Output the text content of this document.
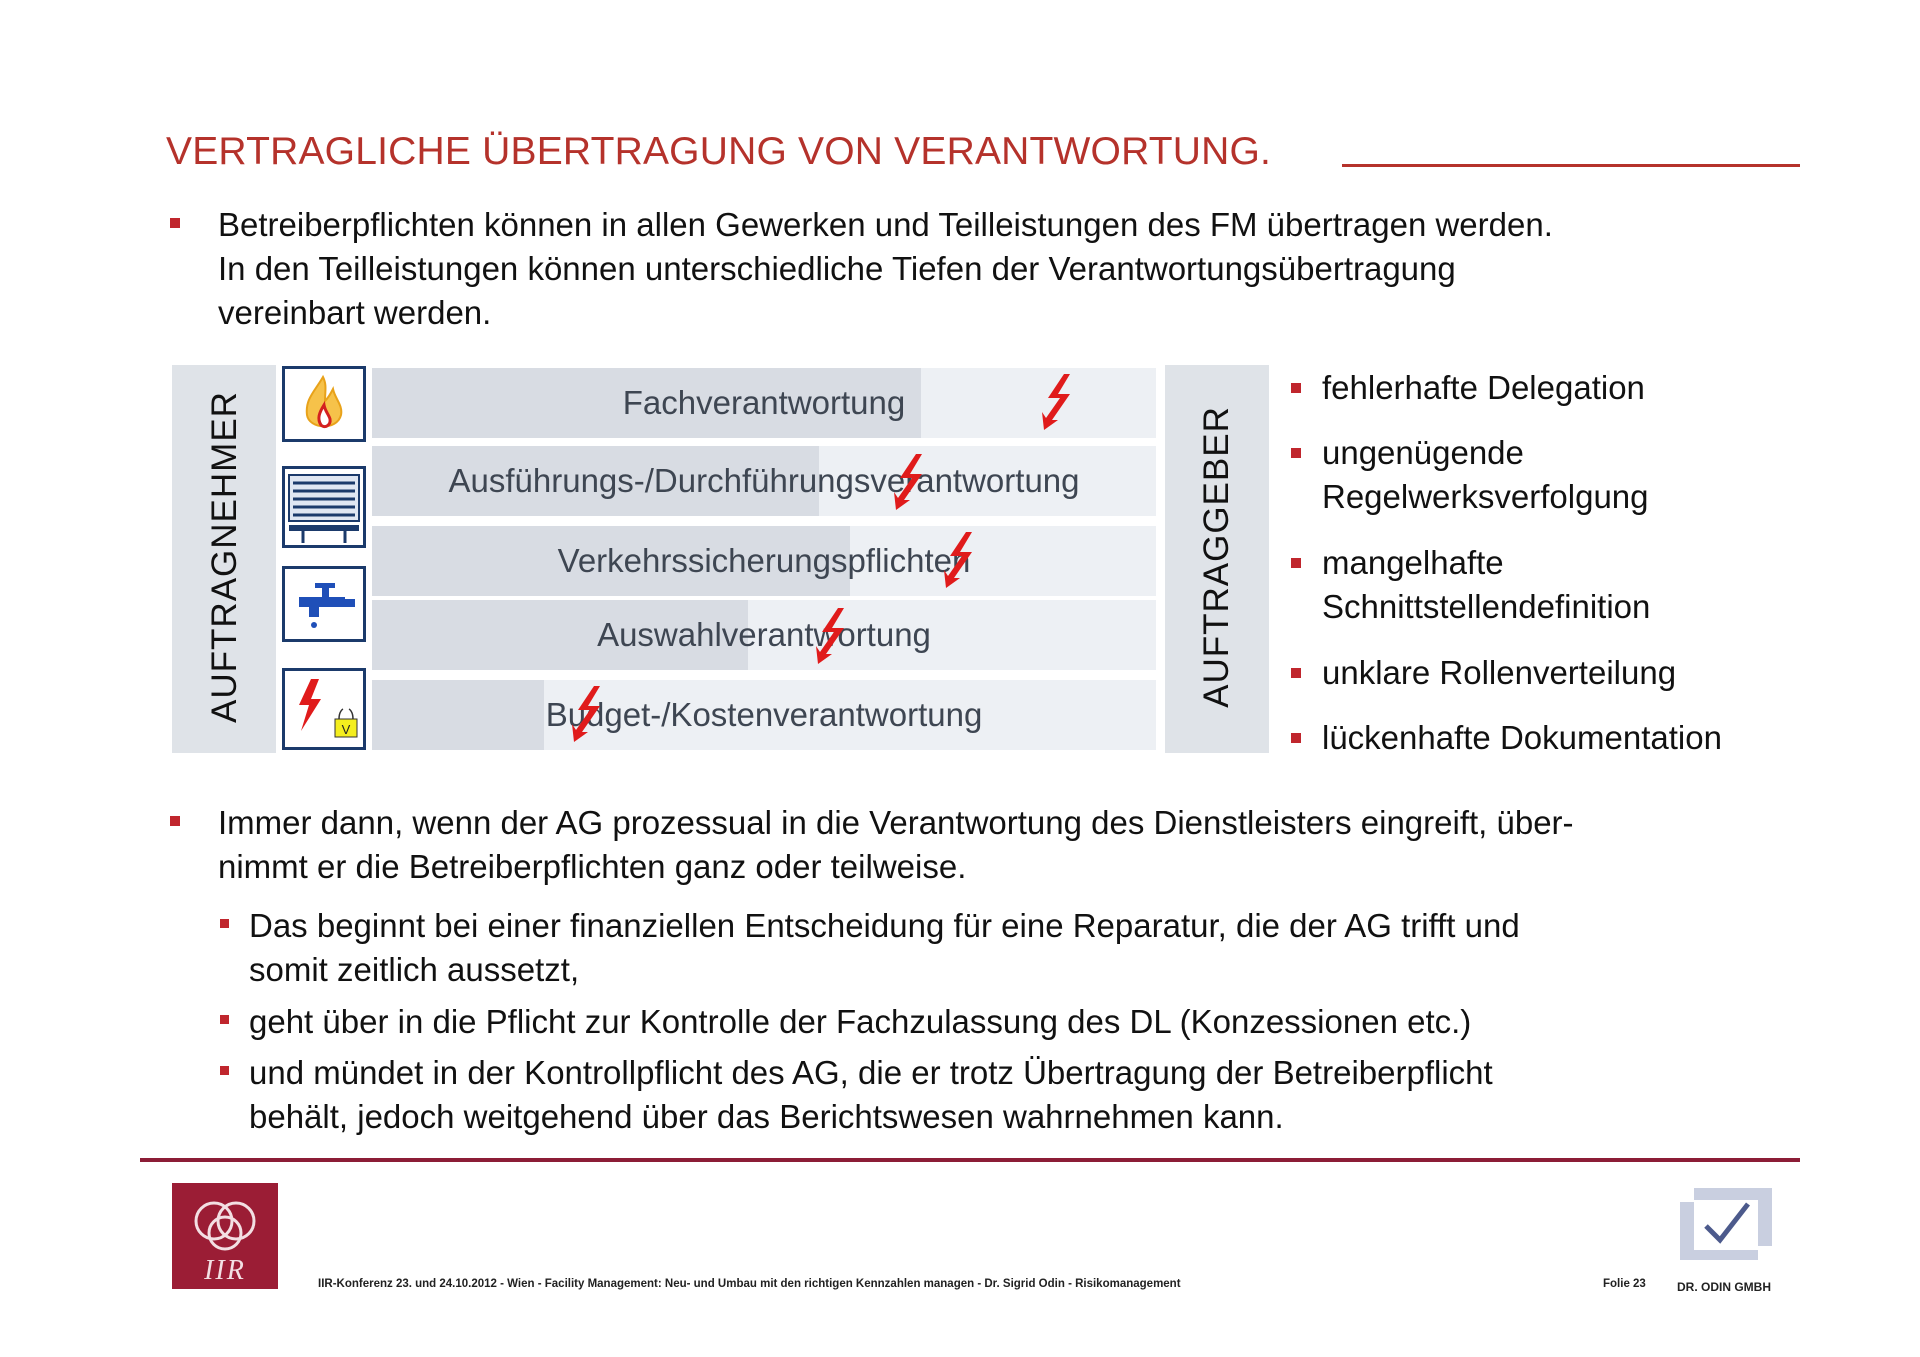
VERTRAGLICHE ÜBERTRAGUNG VON VERANTWORTUNG.
Betreiberpflichten können in allen Gewerken und Teilleistungen des FM übertragen werden.
In den Teilleistungen können unterschiedliche Tiefen der Verantwortungsübertragung
vereinbart werden.
AUFTRAGNEHMER	AUFTRAGGEBER
Fachverantwortung
Ausführungs-/Durchführungsverantwortung
Verkehrssicherungspflichten
Auswahlverantwortung
Budget-/Kostenverantwortung
V
fehlerhafte Delegation
ungenügende
Regelwerksverfolgung
mangelhafte
Schnittstellendefinition
unklare Rollenverteilung
lückenhafte Dokumentation
Immer dann, wenn der AG prozessual in die Verantwortung des Dienstleisters eingreift, über-
nimmt er die Betreiberpflichten ganz oder teilweise.
Das beginnt bei einer finanziellen Entscheidung für eine Reparatur, die der AG trifft und
somit zeitlich aussetzt,
geht über in die Pflicht zur Kontrolle der Fachzulassung des DL (Konzessionen etc.)
und mündet in der Kontrollpflicht des AG, die er trotz Übertragung der Betreiberpflicht
behält, jedoch weitgehend über das Berichtswesen wahrnehmen kann.
IIR	IIR-Konferenz 23. und 24.10.2012 - Wien - Facility Management: Neu- und Umbau mit den richtigen Kennzahlen managen - Dr. Sigrid Odin - Risikomanagement	Folie 23	DR. ODIN GMBH
